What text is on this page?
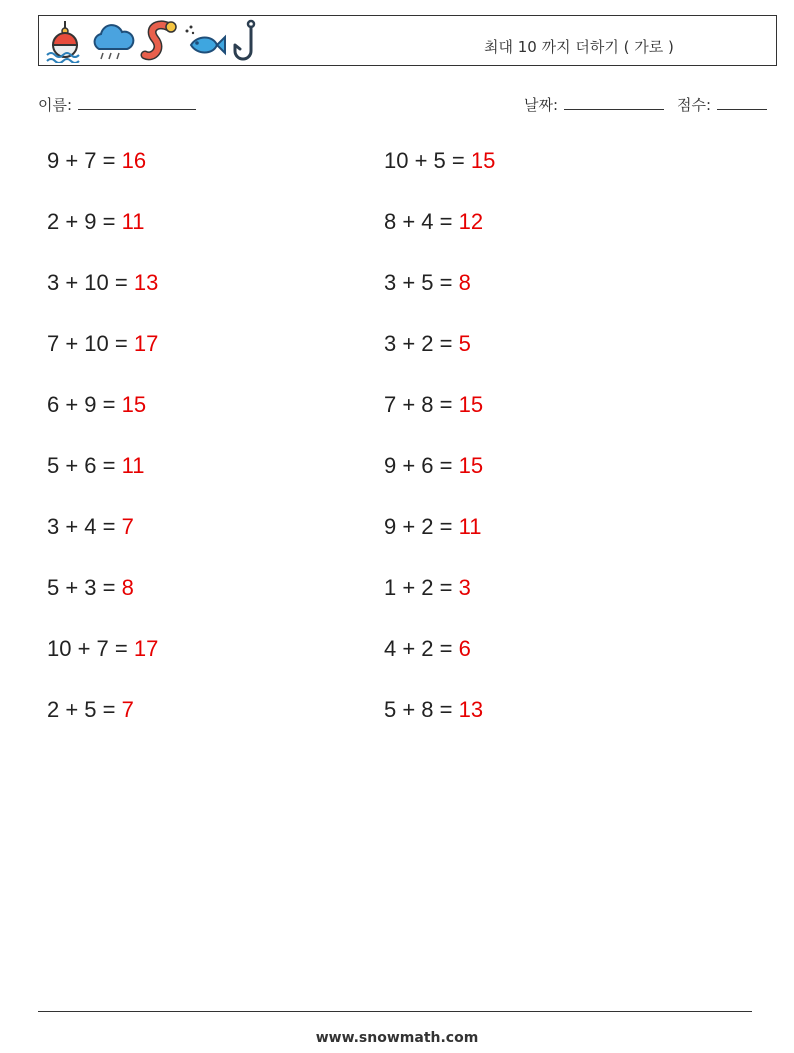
최대 10 까지 더하기 ( 가로 )
이름:	날짜:	점수:
9 + 7 = 16
2 + 9 = 11
3 + 10 = 13
7 + 10 = 17
6 + 9 = 15
5 + 6 = 11
3 + 4 = 7
5 + 3 = 8
10 + 7 = 17
2 + 5 = 7
10 + 5 = 15
8 + 4 = 12
3 + 5 = 8
3 + 2 = 5
7 + 8 = 15
9 + 6 = 15
9 + 2 = 11
1 + 2 = 3
4 + 2 = 6
5 + 8 = 13
www.snowmath.com
